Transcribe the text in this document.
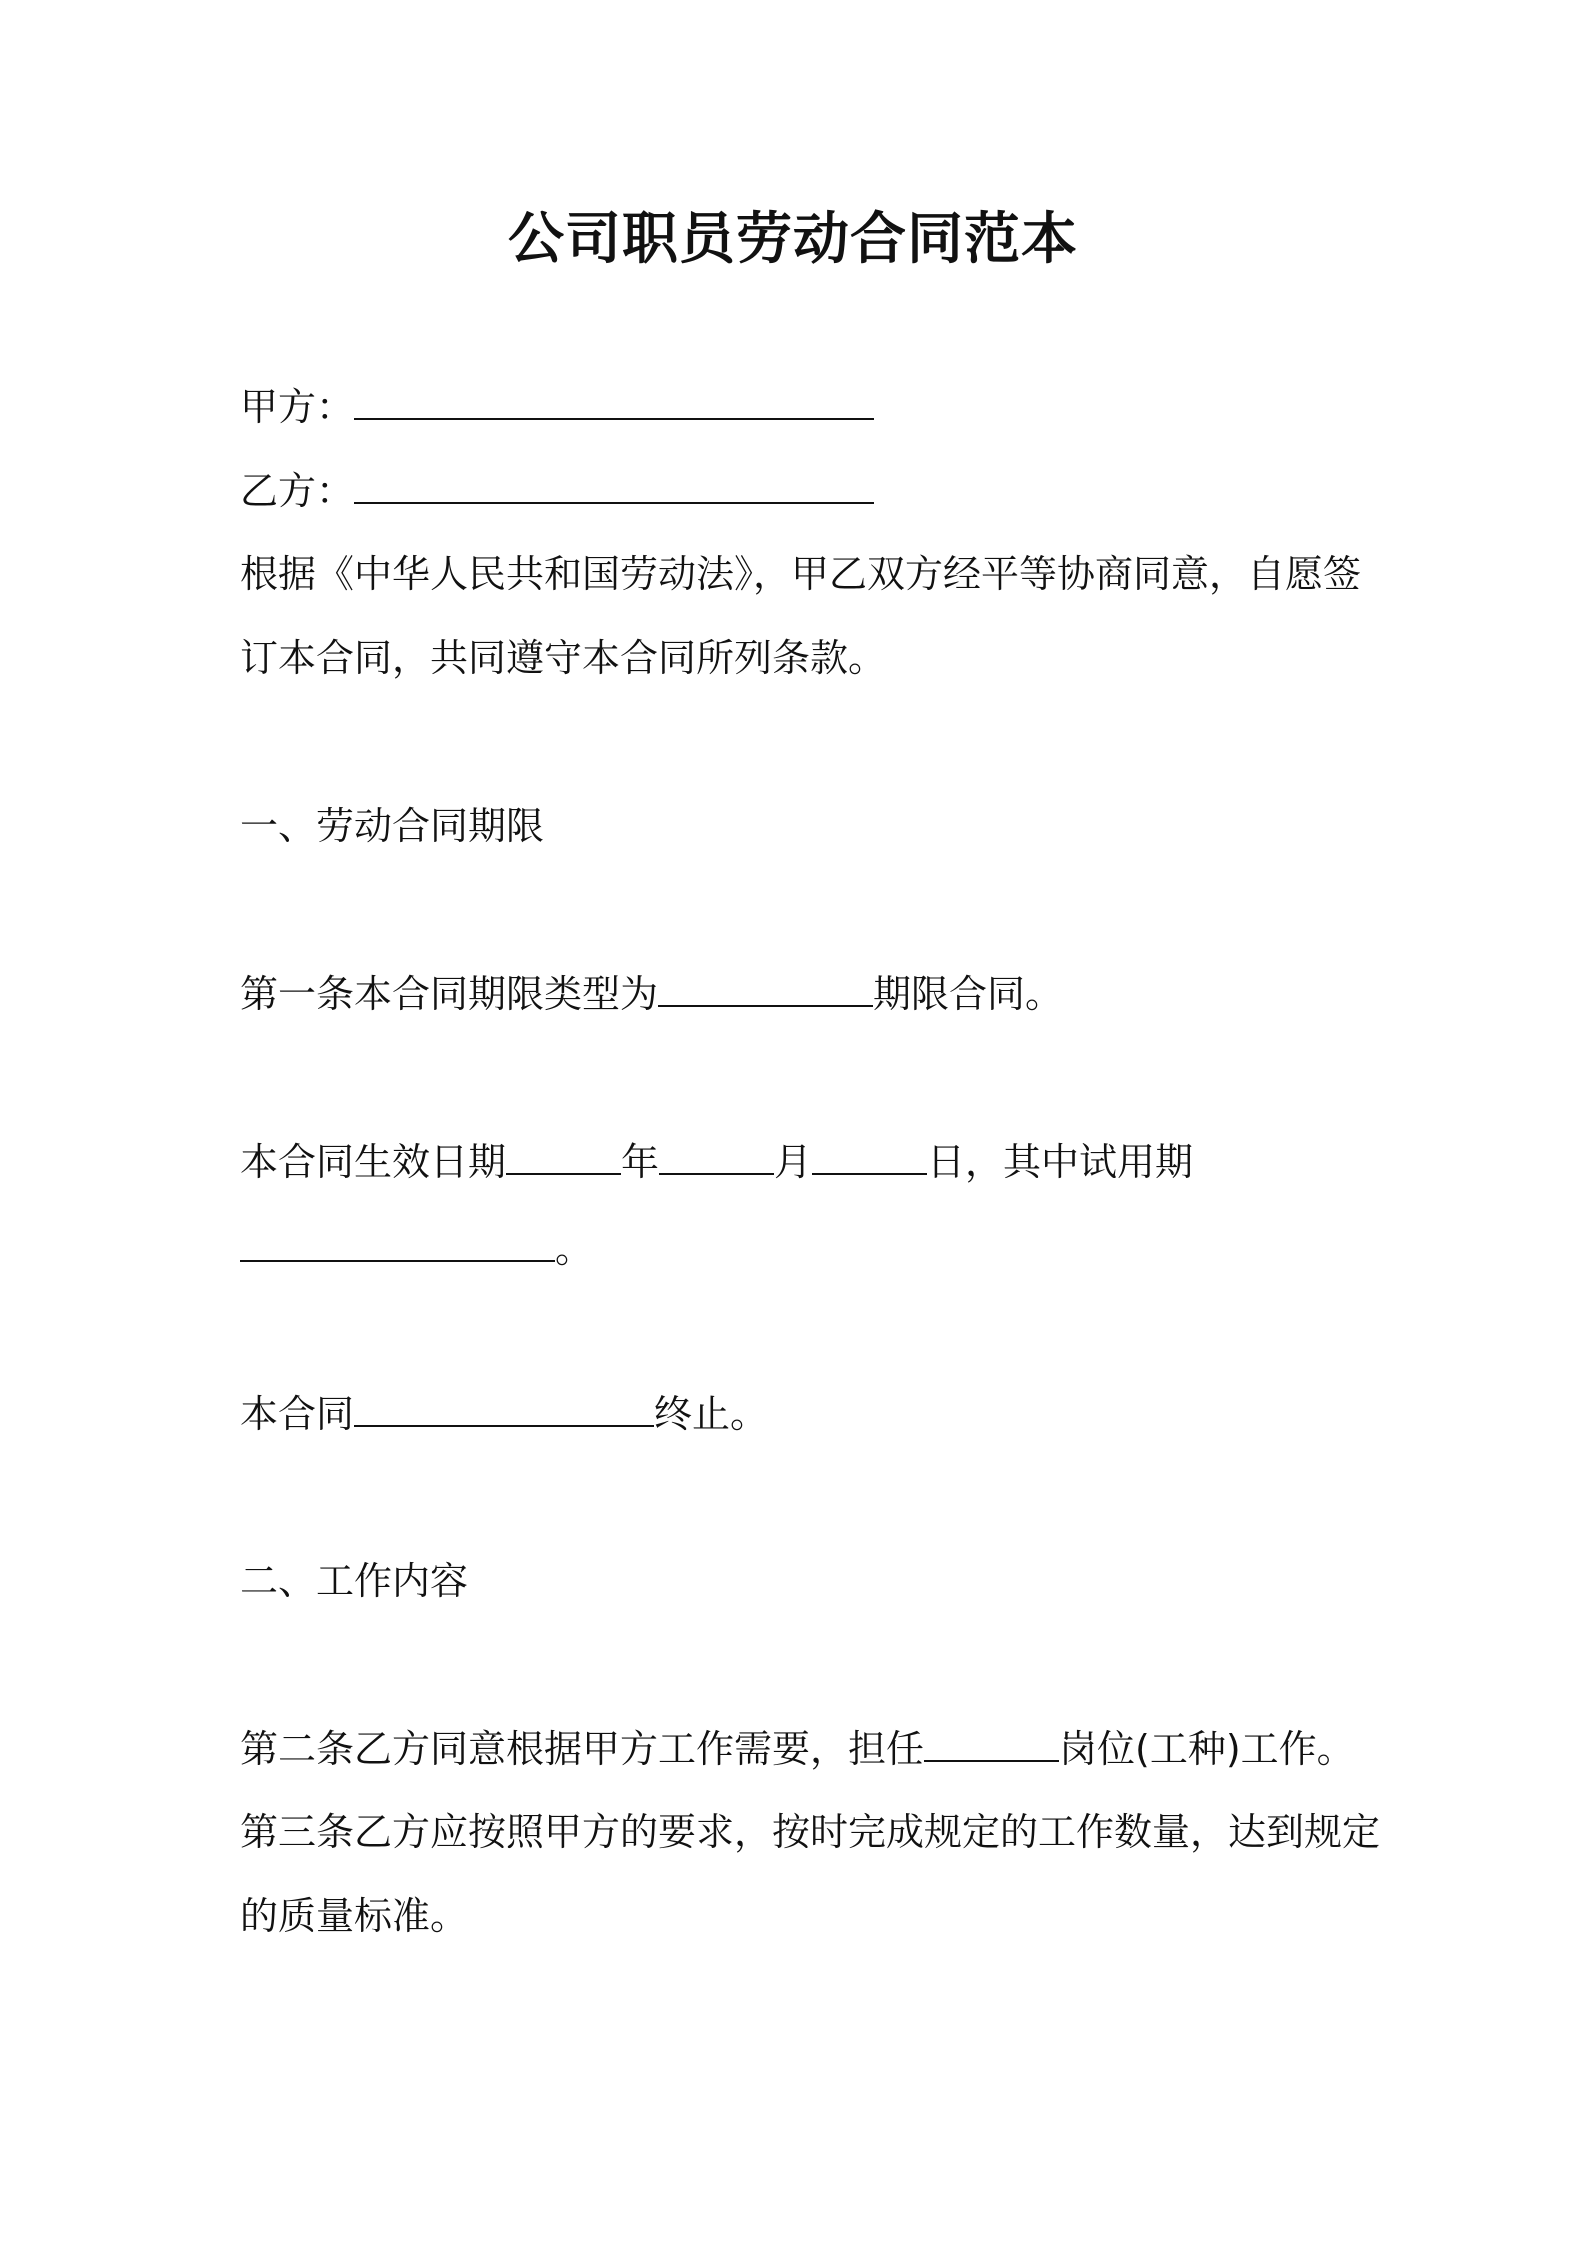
公司职员劳动合同范本
甲方：
乙方：
根据《中华人民共和国劳动法》，甲乙双方经平等协商同意，自愿签
订本合同，共同遵守本合同所列条款。
一、劳动合同期限
第一条本合同期限类型为	期限合同。
本合同生效日期	年	月	日，其中试用期
。
本合同	终止。
二、工作内容
第二条乙方同意根据甲方工作需要，担任	岗位(工种)工作。
第三条乙方应按照甲方的要求，按时完成规定的工作数量，达到规定
的质量标准。
